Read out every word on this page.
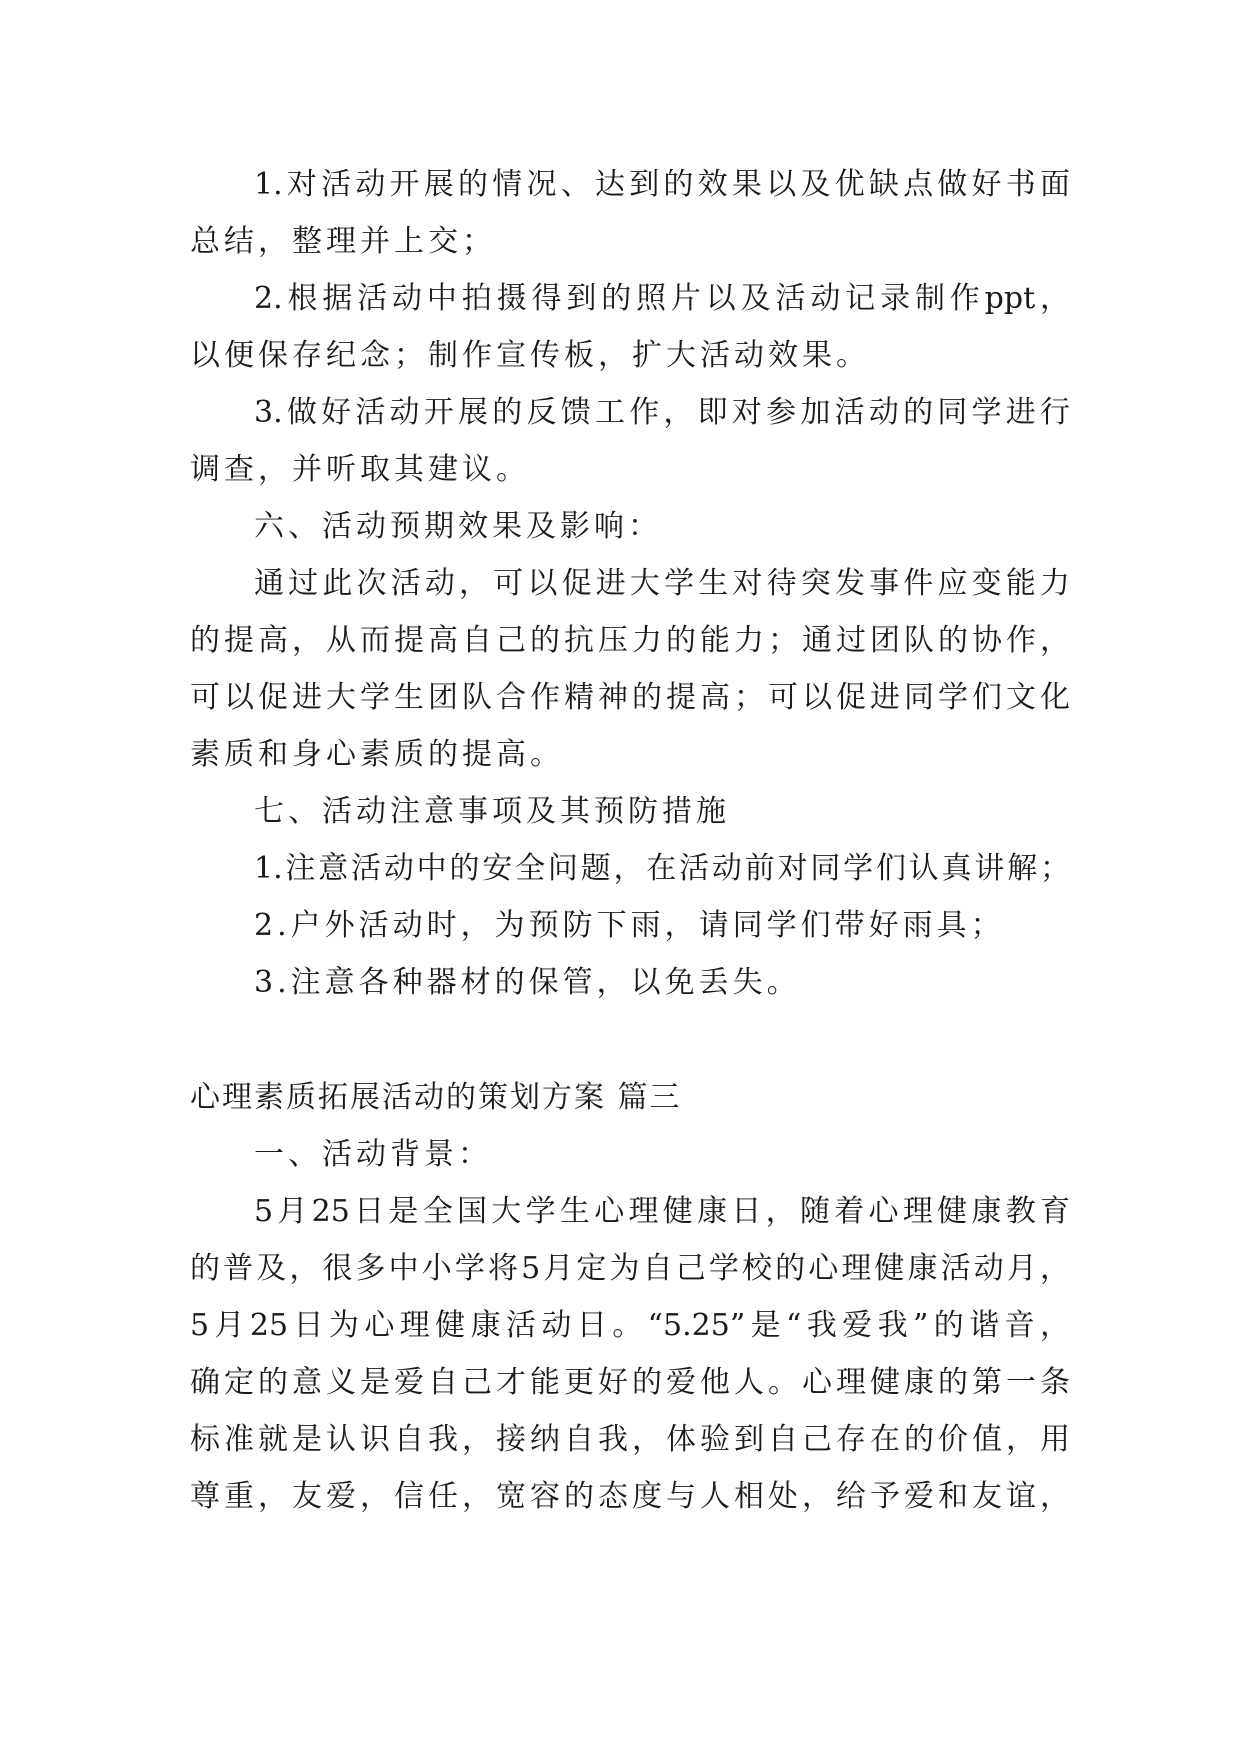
1.对活动开展的情况、达到的效果以及优缺点做好书面
总结，整理并上交；
2.根据活动中拍摄得到的照片以及活动记录制作ppt，
以便保存纪念；制作宣传板，扩大活动效果。
3.做好活动开展的反馈工作，即对参加活动的同学进行
调查，并听取其建议。
六、活动预期效果及影响：
通过此次活动，可以促进大学生对待突发事件应变能力
的提高，从而提高自己的抗压力的能力；通过团队的协作，
可以促进大学生团队合作精神的提高；可以促进同学们文化
素质和身心素质的提高。
七、活动注意事项及其预防措施
1.注意活动中的安全问题，在活动前对同学们认真讲解；
2.户外活动时，为预防下雨，请同学们带好雨具；
3.注意各种器材的保管，以免丢失。
心理素质拓展活动的策划方案 篇三
一、活动背景：
5月25日是全国大学生心理健康日，随着心理健康教育
的普及，很多中小学将5月定为自己学校的心理健康活动月，
5月25日为心理健康活动日。“5.25”是“我爱我”的谐音，
确定的意义是爱自己才能更好的爱他人。心理健康的第一条
标准就是认识自我，接纳自我，体验到自己存在的价值，用
尊重，友爱，信任，宽容的态度与人相处，给予爱和友谊，
